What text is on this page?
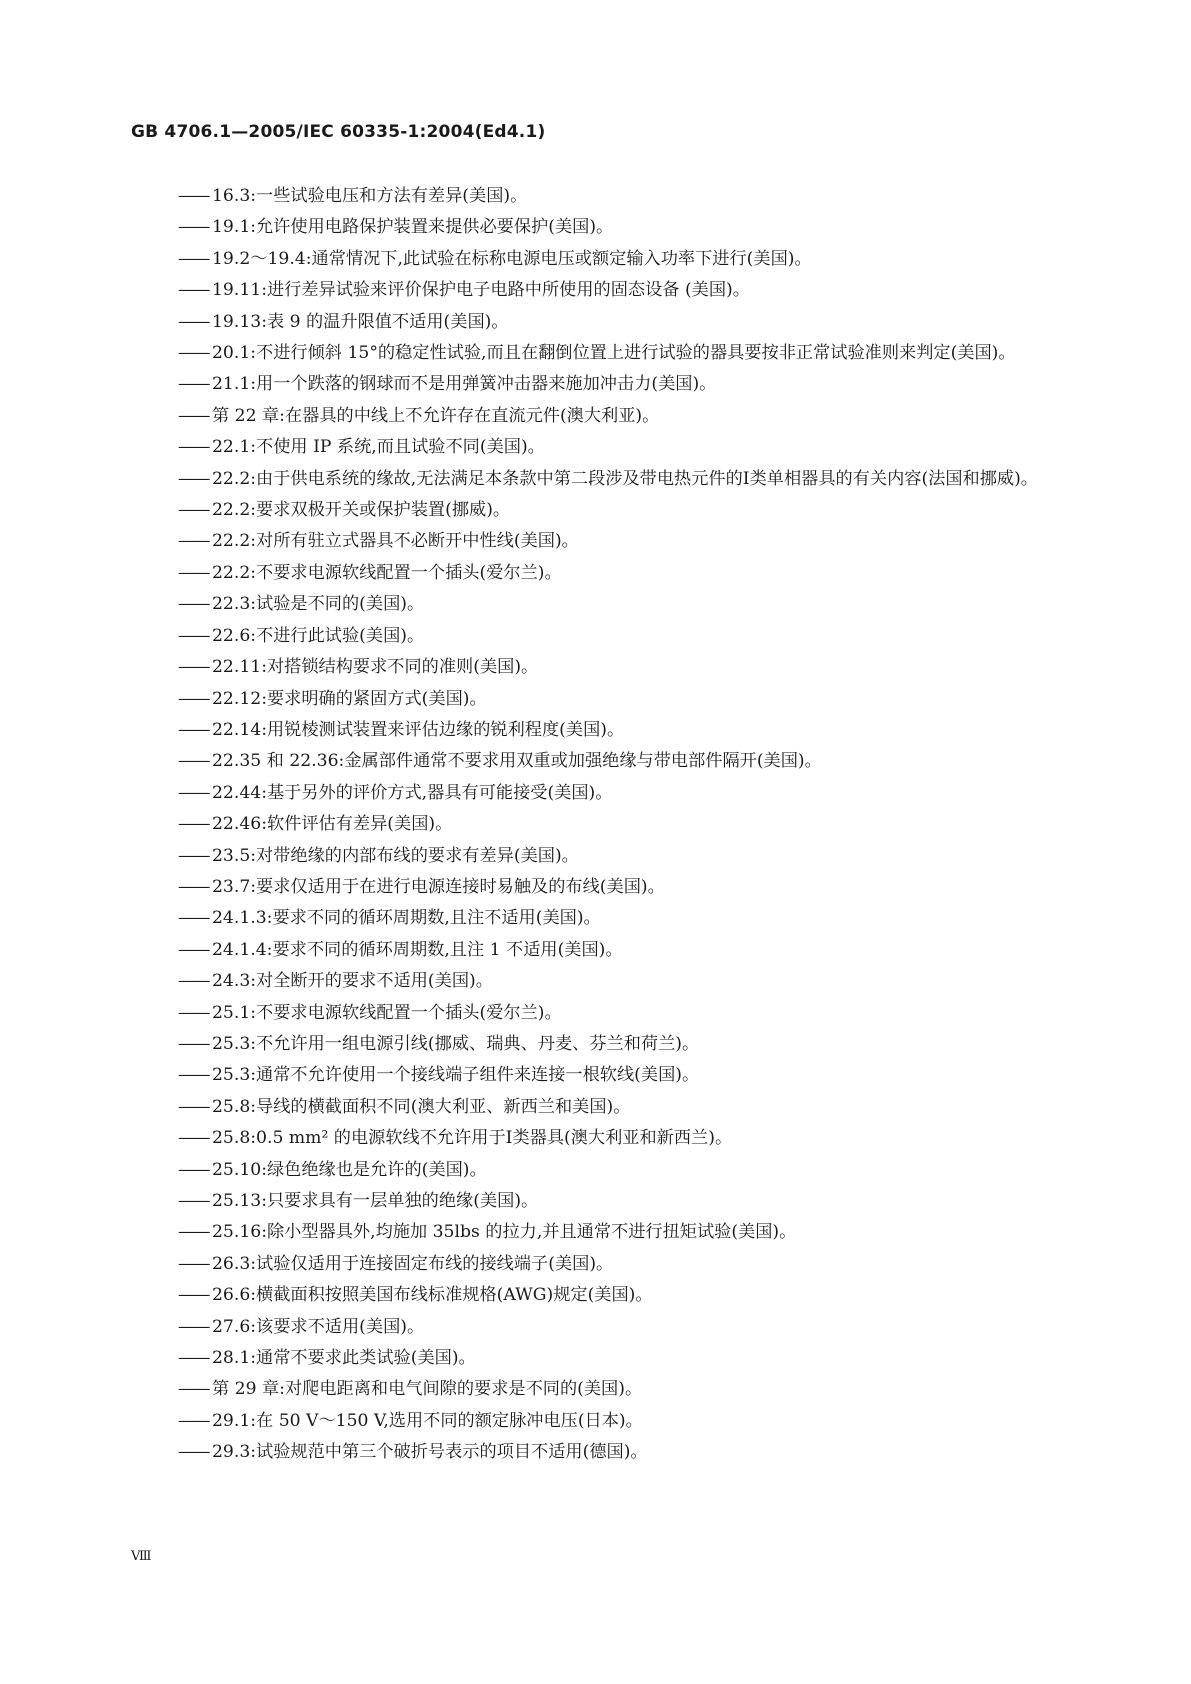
GB 4706.1—2005/IEC 60335-1:2004(Ed4.1)
—— 16.3:一些试验电压和方法有差异(美国)。
—— 19.1:允许使用电路保护装置来提供必要保护(美国)。
—— 19.2～19.4:通常情况下,此试验在标称电源电压或额定输入功率下进行(美国)。
—— 19.11:进行差异试验来评价保护电子电路中所使用的固态设备 (美国)。
—— 19.13:表 9 的温升限值不适用(美国)。
—— 20.1:不进行倾斜 15°的稳定性试验,而且在翻倒位置上进行试验的器具要按非正常试验准则来判定(美国)。
—— 21.1:用一个跌落的钢球而不是用弹簧冲击器来施加冲击力(美国)。
—— 第 22 章:在器具的中线上不允许存在直流元件(澳大利亚)。
—— 22.1:不使用 IP 系统,而且试验不同(美国)。
—— 22.2:由于供电系统的缘故,无法满足本条款中第二段涉及带电热元件的Ⅰ类单相器具的有关内容(法国和挪威)。
—— 22.2:要求双极开关或保护装置(挪威)。
—— 22.2:对所有驻立式器具不必断开中性线(美国)。
—— 22.2:不要求电源软线配置一个插头(爱尔兰)。
—— 22.3:试验是不同的(美国)。
—— 22.6:不进行此试验(美国)。
—— 22.11:对搭锁结构要求不同的准则(美国)。
—— 22.12:要求明确的紧固方式(美国)。
—— 22.14:用锐棱测试装置来评估边缘的锐利程度(美国)。
—— 22.35 和 22.36:金属部件通常不要求用双重或加强绝缘与带电部件隔开(美国)。
—— 22.44:基于另外的评价方式,器具有可能接受(美国)。
—— 22.46:软件评估有差异(美国)。
—— 23.5:对带绝缘的内部布线的要求有差异(美国)。
—— 23.7:要求仅适用于在进行电源连接时易触及的布线(美国)。
—— 24.1.3:要求不同的循环周期数,且注不适用(美国)。
—— 24.1.4:要求不同的循环周期数,且注 1 不适用(美国)。
—— 24.3:对全断开的要求不适用(美国)。
—— 25.1:不要求电源软线配置一个插头(爱尔兰)。
—— 25.3:不允许用一组电源引线(挪威、瑞典、丹麦、芬兰和荷兰)。
—— 25.3:通常不允许使用一个接线端子组件来连接一根软线(美国)。
—— 25.8:导线的横截面积不同(澳大利亚、新西兰和美国)。
—— 25.8:0.5 mm² 的电源软线不允许用于Ⅰ类器具(澳大利亚和新西兰)。
—— 25.10:绿色绝缘也是允许的(美国)。
—— 25.13:只要求具有一层单独的绝缘(美国)。
—— 25.16:除小型器具外,均施加 35lbs 的拉力,并且通常不进行扭矩试验(美国)。
—— 26.3:试验仅适用于连接固定布线的接线端子(美国)。
—— 26.6:横截面积按照美国布线标准规格(AWG)规定(美国)。
—— 27.6:该要求不适用(美国)。
—— 28.1:通常不要求此类试验(美国)。
—— 第 29 章:对爬电距离和电气间隙的要求是不同的(美国)。
—— 29.1:在 50 V～150 V,选用不同的额定脉冲电压(日本)。
—— 29.3:试验规范中第三个破折号表示的项目不适用(德国)。
Ⅷ
